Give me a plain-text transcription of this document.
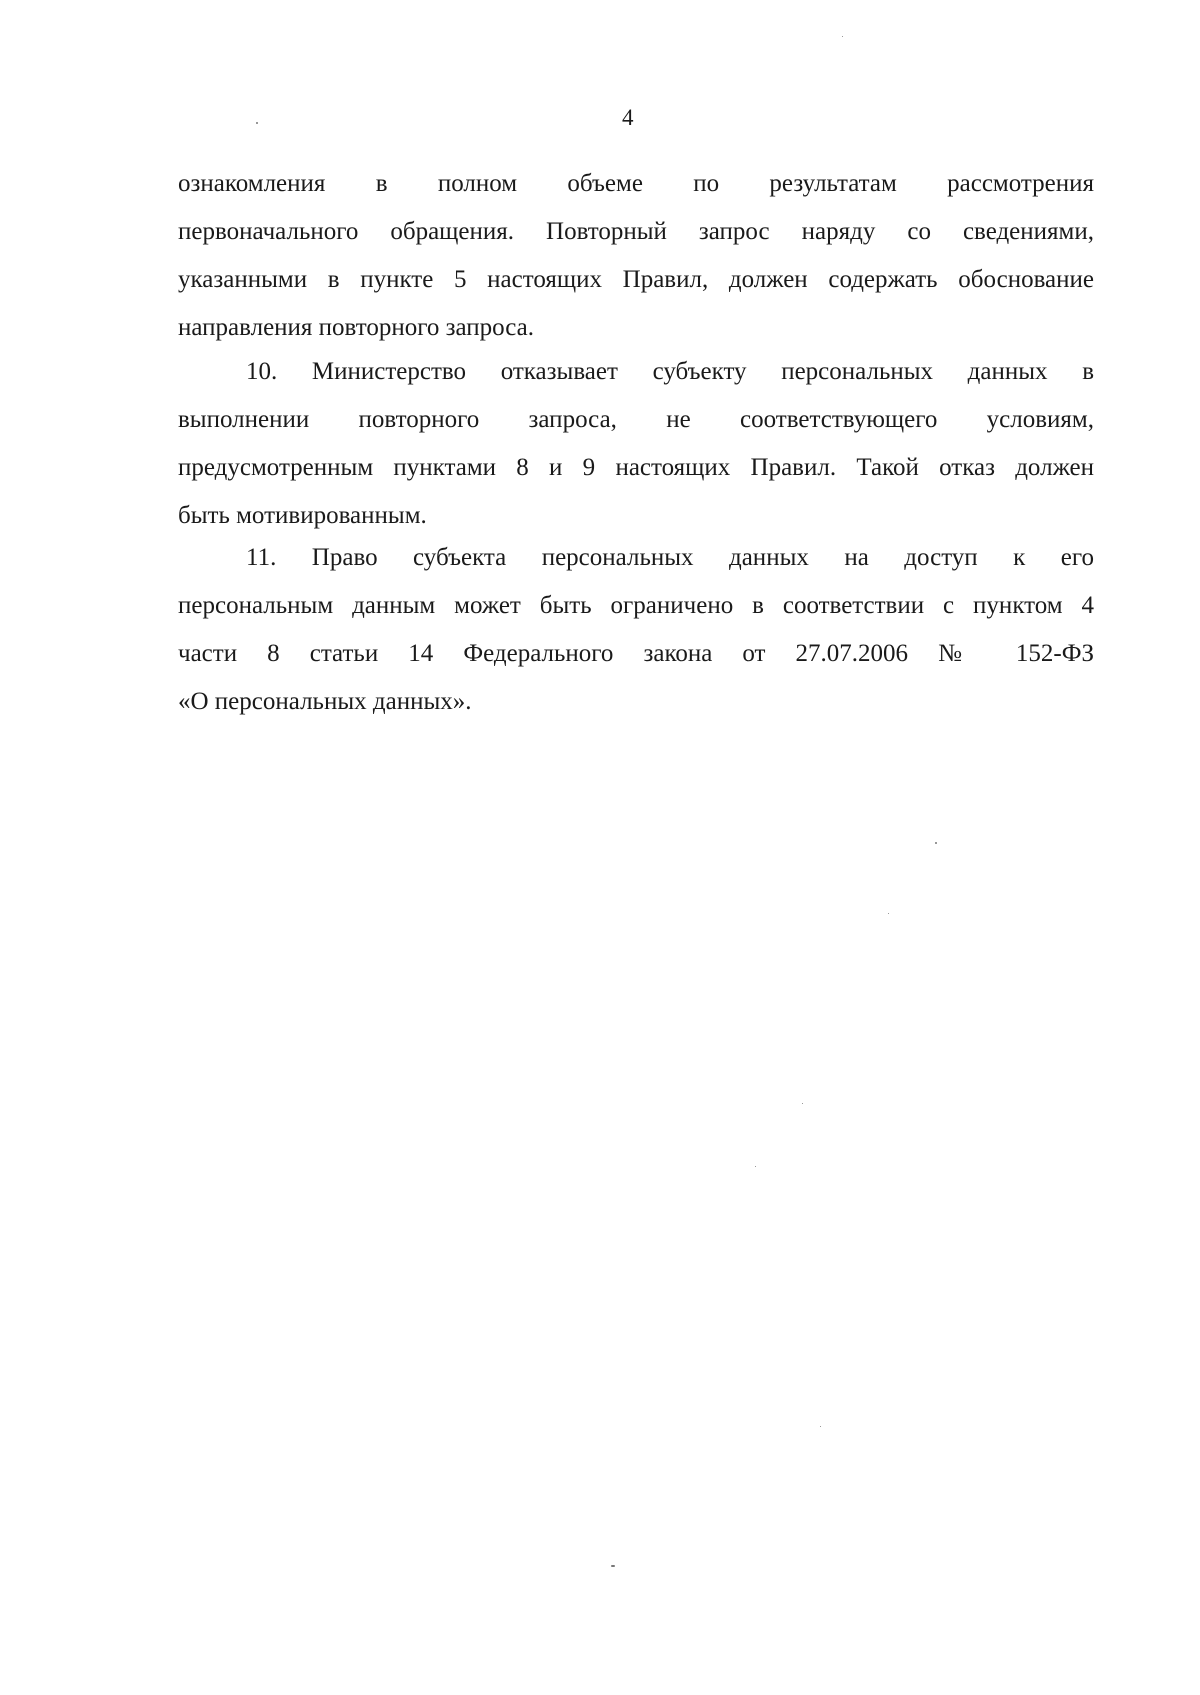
4
ознакомления в полном объеме по результатам рассмотрения
первоначального обращения. Повторный запрос наряду со сведениями,
указанными в пункте 5 настоящих Правил, должен содержать обоснование
направления повторного запроса.
10. Министерство отказывает субъекту персональных данных в
выполнении повторного запроса, не соответствующего условиям,
предусмотренным пунктами 8 и 9 настоящих Правил. Такой отказ должен
быть мотивированным.
11. Право субъекта персональных данных на доступ к его
персональным данным может быть ограничено в соответствии с пунктом 4
части 8 статьи 14 Федерального закона от 27.07.2006 № 152-ФЗ
«О персональных данных».
